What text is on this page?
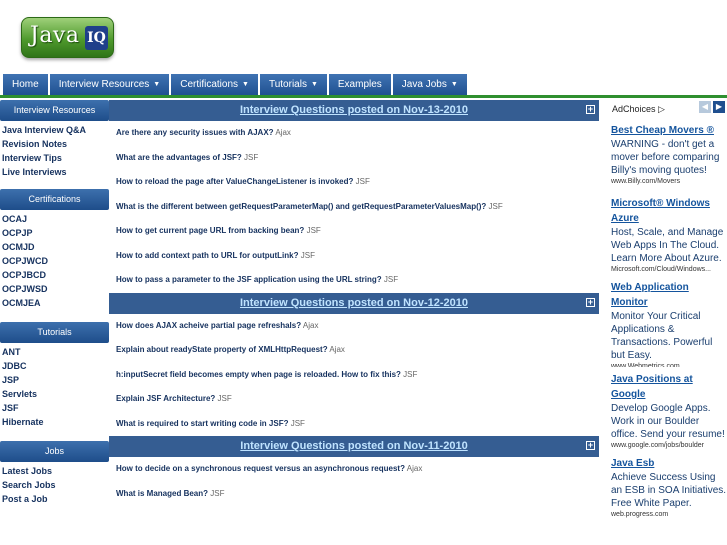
Java IQ
Home Interview Resources ▼ Certifications ▼ Tutorials ▼ Examples Java Jobs ▼
Interview Resources
Java Interview Q&A
Revision Notes
Interview Tips
Live Interviews
Certifications
OCAJ
OCPJP
OCMJD
OCPJWCD
OCPJBCD
OCPJWSD
OCMJEA
Tutorials
ANT
JDBC
JSP
Servlets
JSF
Hibernate
Jobs
Latest Jobs
Search Jobs
Post a Job
Interview Questions posted on Nov-13-2010	+
Are there any security issues with AJAX? Ajax
What are the advantages of JSF? JSF
How to reload the page after ValueChangeListener is invoked? JSF
What is the different between getRequestParameterMap() and getRequestParameterValuesMap()? JSF
How to get current page URL from backing bean? JSF
How to add context path to URL for outputLink? JSF
How to pass a parameter to the JSF application using the URL string? JSF
Interview Questions posted on Nov-12-2010	+
How does AJAX acheive partial page refreshals? Ajax
Explain about readyState property of XMLHttpRequest? Ajax
h:inputSecret field becomes empty when page is reloaded. How to fix this? JSF
Explain JSF Architecture? JSF
What is required to start writing code in JSF? JSF
Interview Questions posted on Nov-11-2010	+
How to decide on a synchronous request versus an asynchronous request? Ajax
What is Managed Bean? JSF
AdChoices ▷	◀ ▶
Best Cheap Movers ®
WARNING - don't get a mover before comparing Billy's moving quotes!
www.Billy.com/Movers
Microsoft® Windows Azure
Host, Scale, and Manage Web Apps In The Cloud. Learn More About Azure.
Microsoft.com/Cloud/Windows...
Web Application Monitor
Monitor Your Critical Applications & Transactions. Powerful but Easy.
www.Webmetrics.com
Java Positions at Google
Develop Google Apps. Work in our Boulder office. Send your resume!
www.google.com/jobs/boulder
Java Esb
Achieve Success Using an ESB in SOA Initiatives. Free White Paper.
web.progress.com
